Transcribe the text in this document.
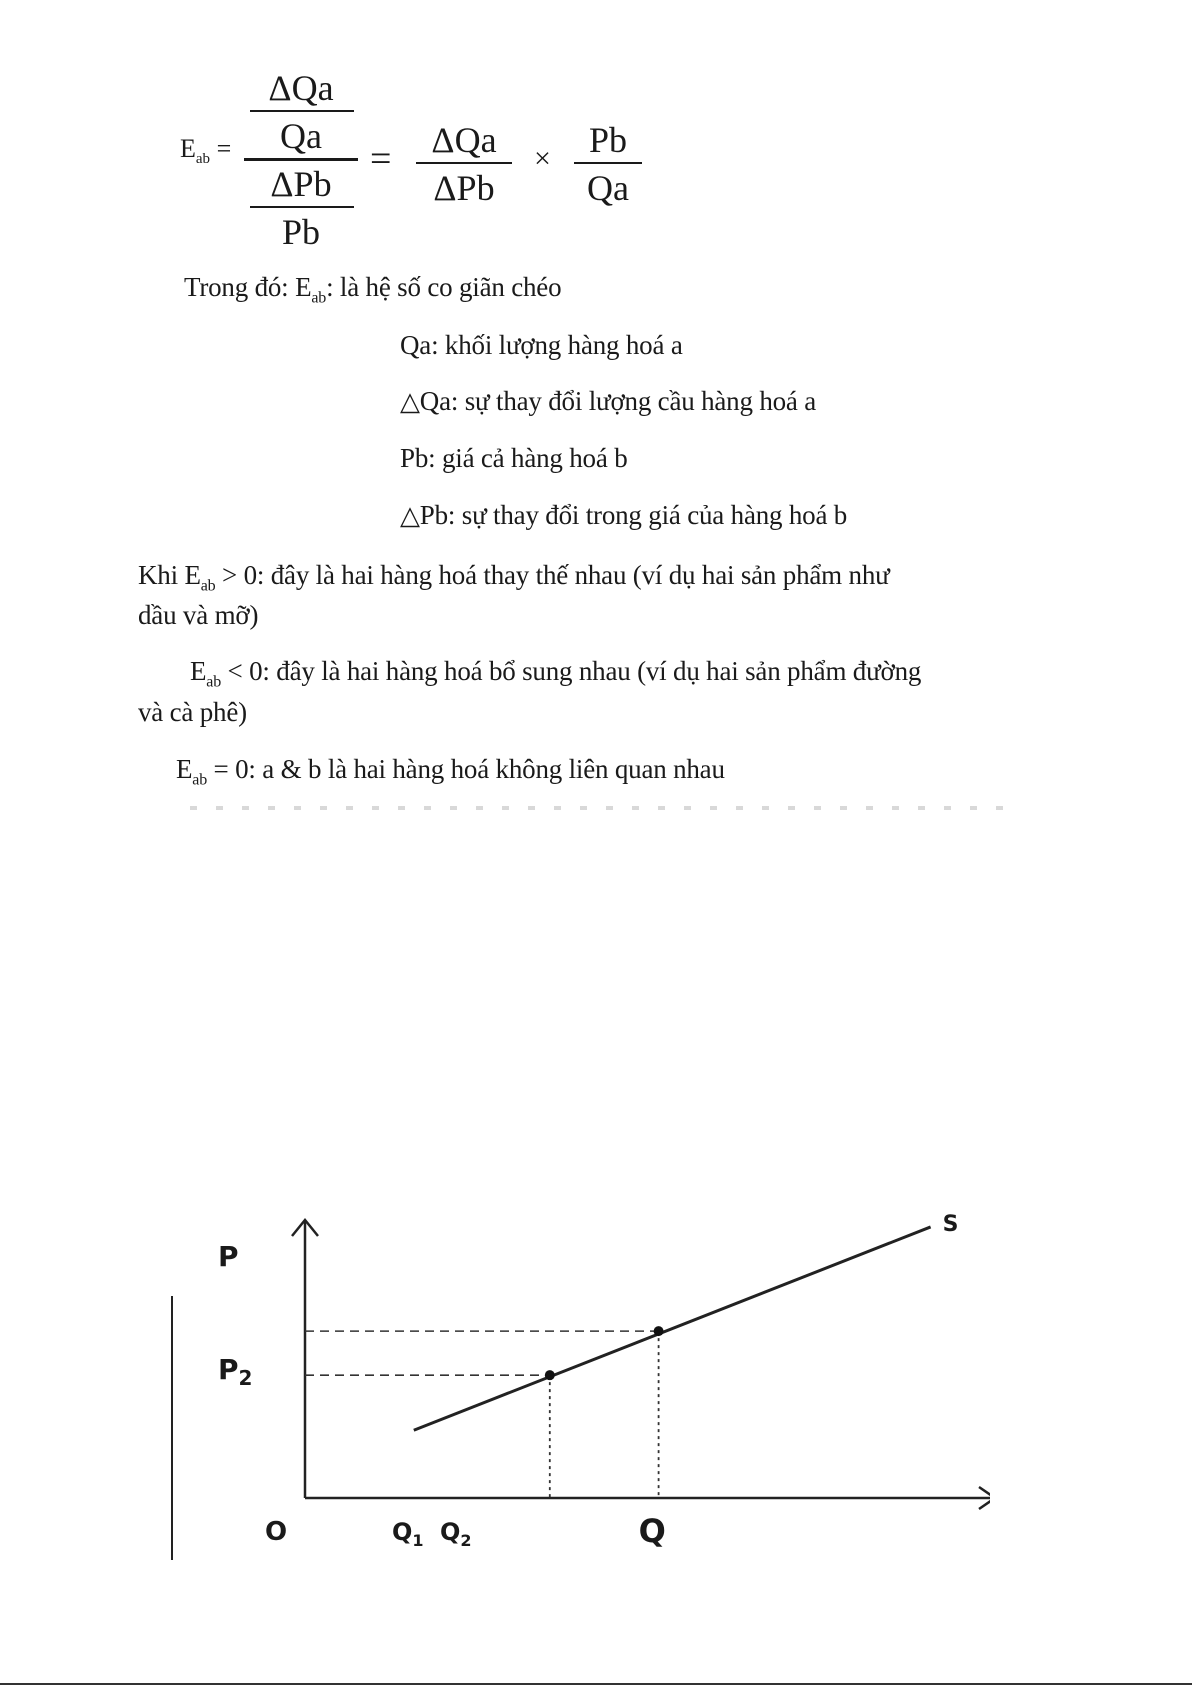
$E_{ab}$ =
ΔQa
Qa
ΔPb
Pb
=	ΔQa
ΔPb
×	Pb
Qa
Trong đó: $E_{ab}$: là hệ số co giãn chéo
Qa: khối lượng hàng hoá a
△Qa: sự thay đổi lượng cầu hàng hoá a
Pb: giá cả hàng hoá b
△Pb: sự thay đổi trong giá của hàng hoá b
Khi $E_{ab} > 0$: đây là hai hàng hoá thay thế nhau (ví dụ hai sản phẩm như
dầu và mỡ)
$E_{ab} < 0$: đây là hai hàng hoá bổ sung nhau (ví dụ hai sản phẩm đường
và cà phê)
$E_{ab} = 0$: a & b là hai hàng hoá không liên quan nhau
P
$P_2$
O	$Q_1$ $Q_2$	Q
S
